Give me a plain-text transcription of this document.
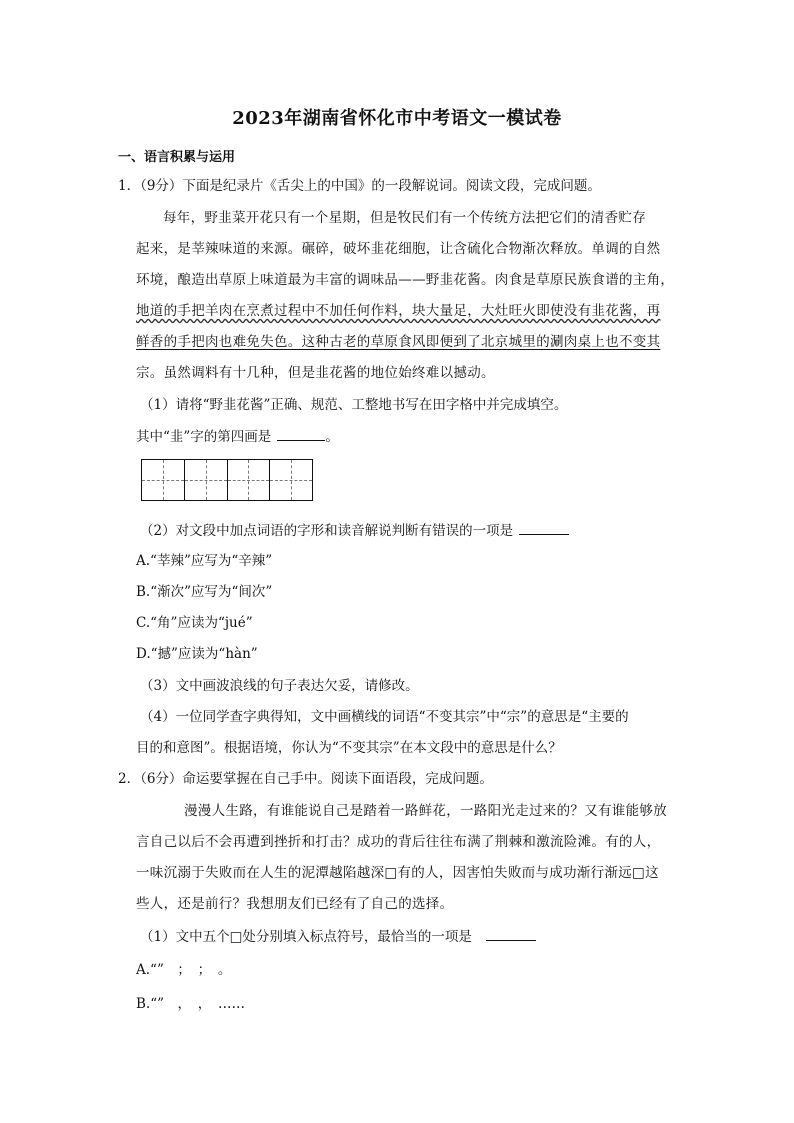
2023年湖南省怀化市中考语文一模试卷
一、语言积累与运用
1．（9分）下面是纪录片《舌尖上的中国》的一段解说词。阅读文段，完成问题。
每年，野韭菜开花只有一个星期，但是牧民们有一个传统方法把它们的清香贮存
起来，是莘辣味道的来源。碾碎，破坏韭花细胞，让含硫化合物渐次释放。单调的自然
环境，酿造出草原上味道最为丰富的调味品——野韭花酱。肉食是草原民族食谱的主角，
地道的手把羊肉在烹煮过程中不加任何作料，块大量足，大灶旺火即使没有韭花酱，再
鲜香的手把肉也难免失色。这种古老的草原食风即便到了北京城里的涮肉桌上也不变其
宗。虽然调料有十几种，但是韭花酱的地位始终难以撼动。
（1）请将“野韭花酱”正确、规范、工整地书写在田字格中并完成填空。
其中“韭”字的第四画是	。
（2）对文段中加点词语的字形和读音解说判断有错误的一项是
A.“莘辣”应写为“辛辣”
B.“渐次”应写为“间次”
C.“角”应读为“jué”
D.“撼”应读为“hàn”
（3）文中画波浪线的句子表达欠妥，请修改。
（4）一位同学查字典得知，文中画横线的词语“不变其宗”中“宗”的意思是“主要的
目的和意图”。根据语境，你认为“不变其宗”在本文段中的意思是什么？
2．（6分）命运要掌握在自己手中。阅读下面语段，完成问题。
漫漫人生路，有谁能说自己是踏着一路鲜花，一路阳光走过来的？又有谁能够放
言自己以后不会再遭到挫折和打击？成功的背后往往布满了荆棘和激流险滩。有的人，
一味沉溺于失败而在人生的泥潭越陷越深□有的人，因害怕失败而与成功渐行渐远□这
些人，还是前行？我想朋友们已经有了自己的选择。
（1）文中五个□处分别填入标点符号，最恰当的一项是
A.“”　；　；　。
B.“”　，　，　……
